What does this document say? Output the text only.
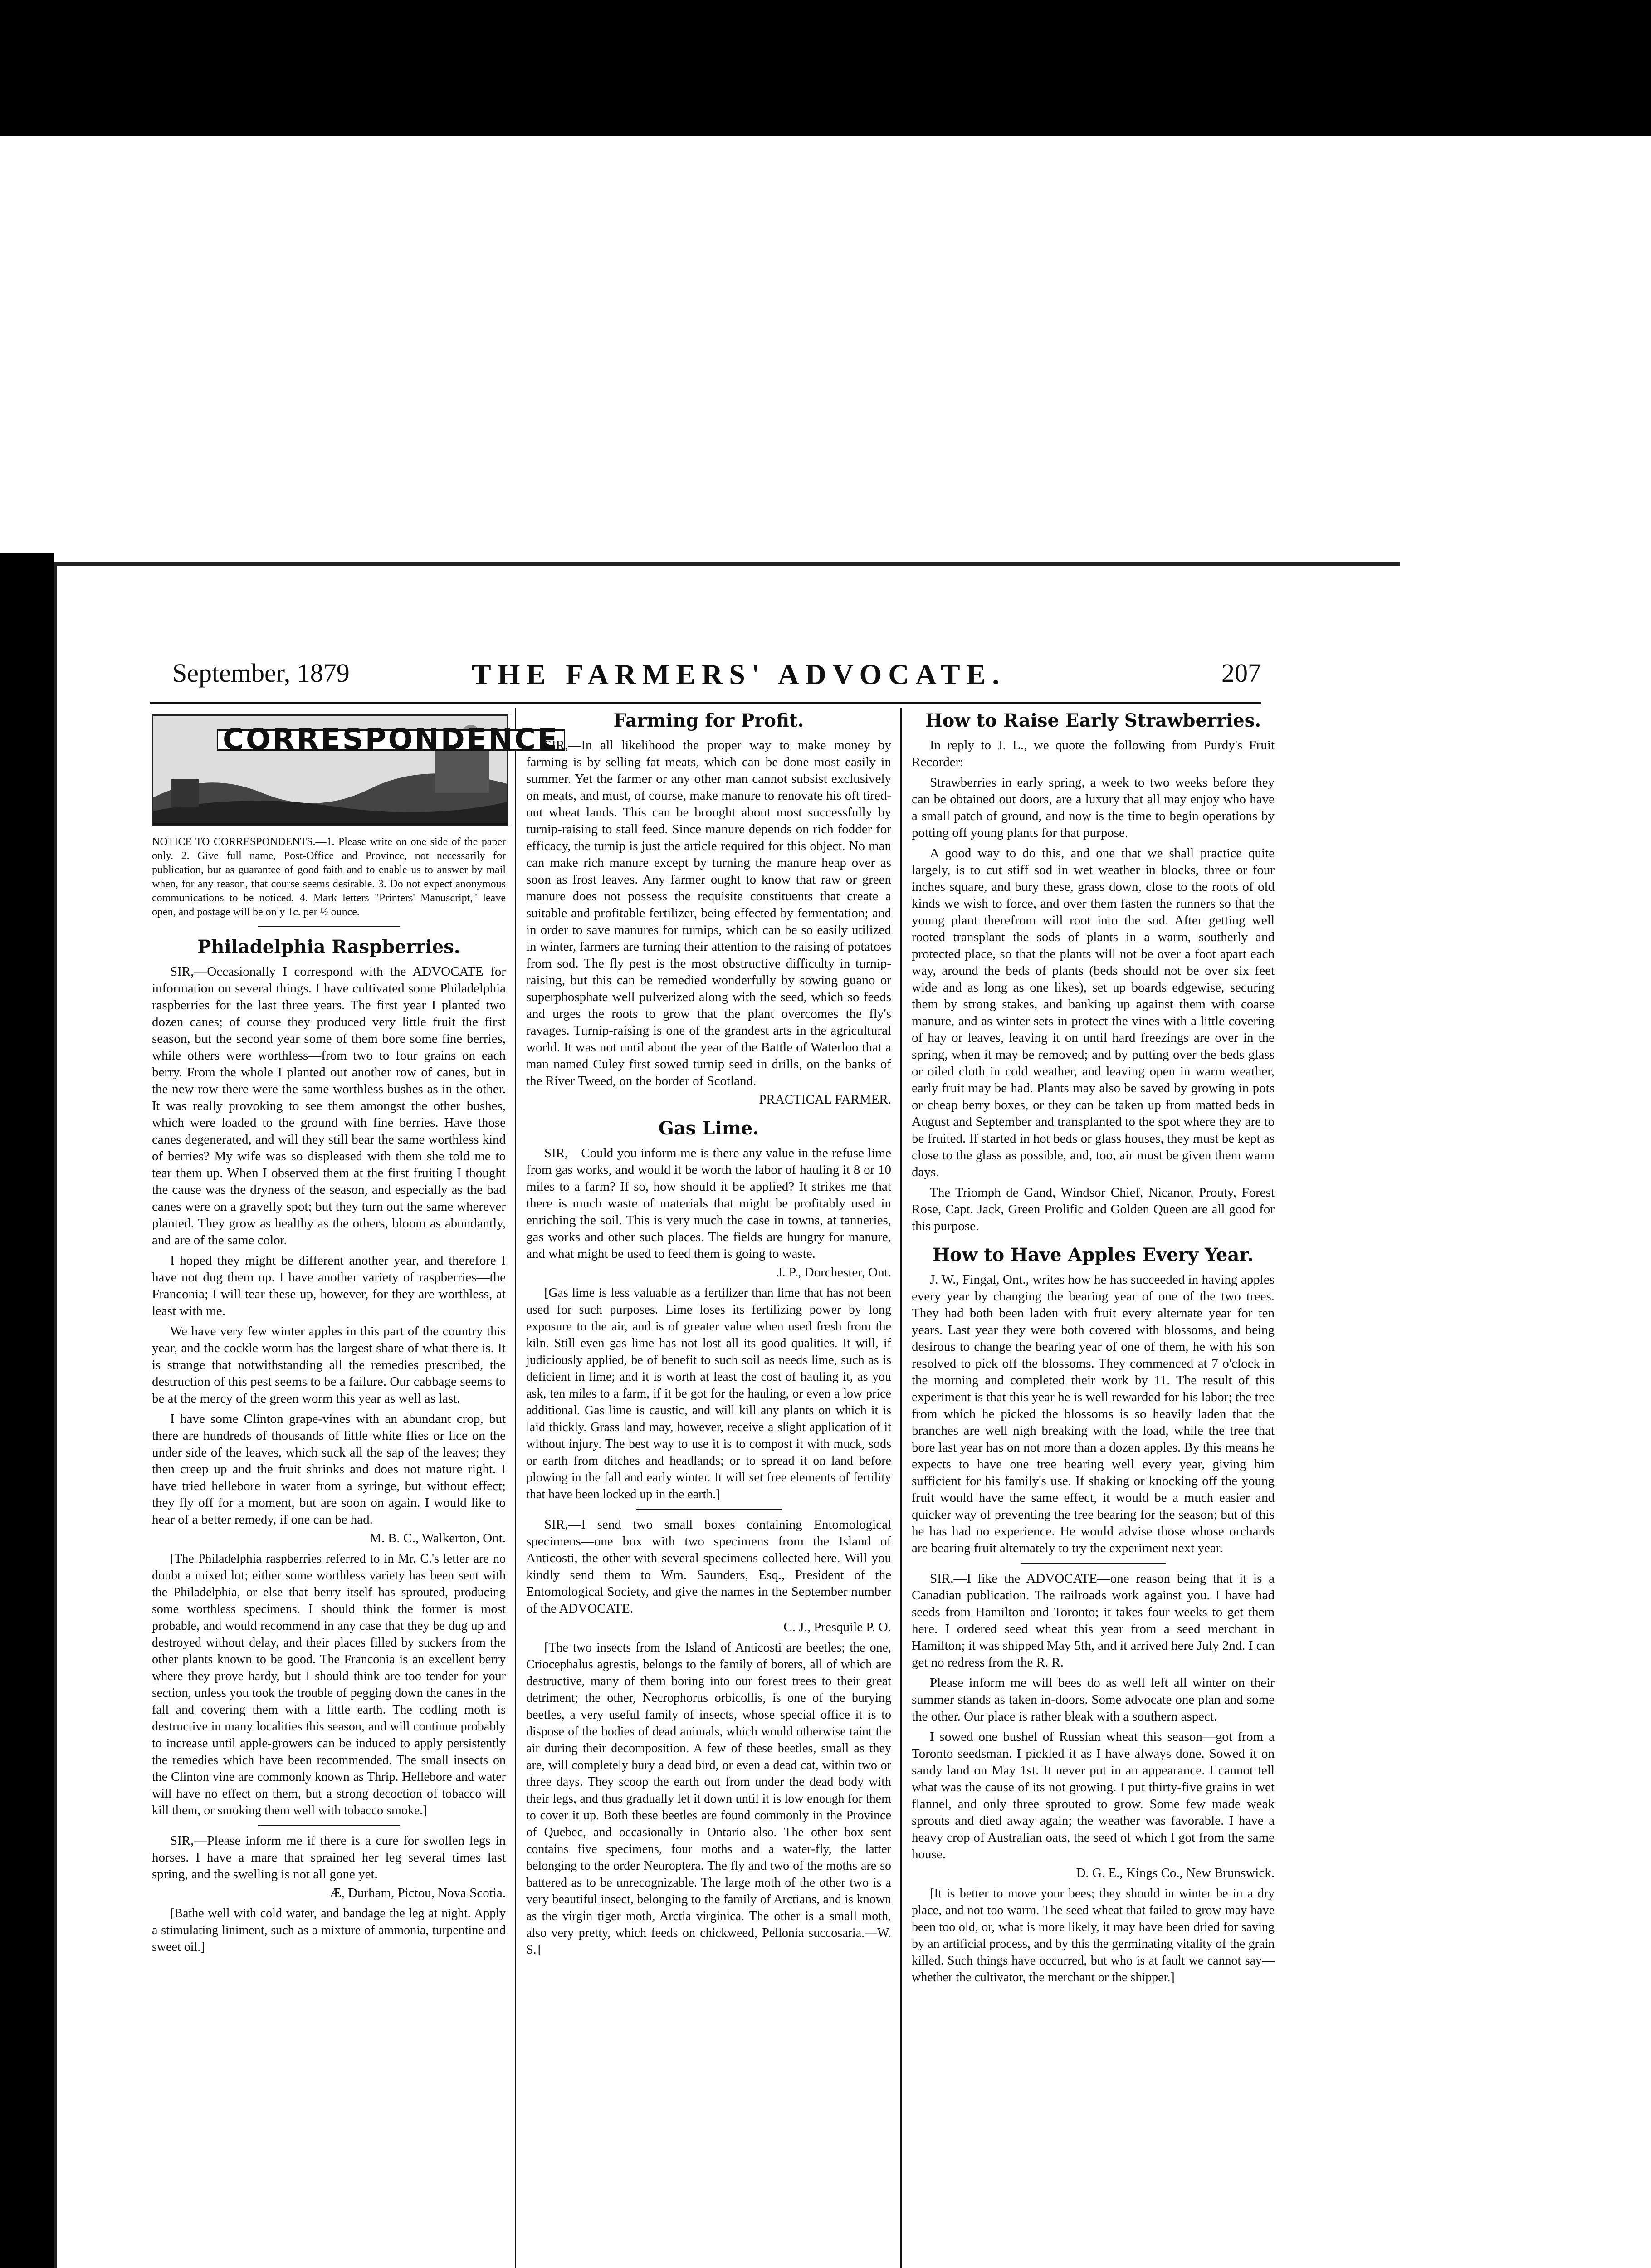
September, 1879	THE FARMERS' ADVOCATE.	207
CORRESPONDENCE

NOTICE TO CORRESPONDENTS.—1. Please write on one side of the paper only. 2. Give full name, Post-Office and Province, not necessarily for publication, but as guarantee of good faith and to enable us to answer by mail when, for any reason, that course seems desirable. 3. Do not expect anonymous communications to be noticed. 4. Mark letters "Printers' Manuscript," leave open, and postage will be only 1c. per ½ ounce.

Philadelphia Raspberries.

SIR,—Occasionally I correspond with the ADVOCATE for information on several things. I have cultivated some Philadelphia raspberries for the last three years. The first year I planted two dozen canes; of course they produced very little fruit the first season, but the second year some of them bore some fine berries, while others were worthless—from two to four grains on each berry. From the whole I planted out another row of canes, but in the new row there were the same worthless bushes as in the other. It was really provoking to see them amongst the other bushes, which were loaded to the ground with fine berries. Have those canes degenerated, and will they still bear the same worthless kind of berries? My wife was so displeased with them she told me to tear them up. When I observed them at the first fruiting I thought the cause was the dryness of the season, and especially as the bad canes were on a gravelly spot; but they turn out the same wherever planted. They grow as healthy as the others, bloom as abundantly, and are of the same color.

I hoped they might be different another year, and therefore I have not dug them up. I have another variety of raspberries—the Franconia; I will tear these up, however, for they are worthless, at least with me.

We have very few winter apples in this part of the country this year, and the cockle worm has the largest share of what there is. It is strange that notwithstanding all the remedies prescribed, the destruction of this pest seems to be a failure. Our cabbage seems to be at the mercy of the green worm this year as well as last.

I have some Clinton grape-vines with an abundant crop, but there are hundreds of thousands of little white flies or lice on the under side of the leaves, which suck all the sap of the leaves; they then creep up and the fruit shrinks and does not mature right. I have tried hellebore in water from a syringe, but without effect; they fly off for a moment, but are soon on again. I would like to hear of a better remedy, if one can be had.

M. B. C., Walkerton, Ont.

[The Philadelphia raspberries referred to in Mr. C.'s letter are no doubt a mixed lot; either some worthless variety has been sent with the Philadelphia, or else that berry itself has sprouted, producing some worthless specimens. I should think the former is most probable, and would recommend in any case that they be dug up and destroyed without delay, and their places filled by suckers from the other plants known to be good. The Franconia is an excellent berry where they prove hardy, but I should think are too tender for your section, unless you took the trouble of pegging down the canes in the fall and covering them with a little earth. The codling moth is destructive in many localities this season, and will continue probably to increase until apple-growers can be induced to apply persistently the remedies which have been recommended. The small insects on the Clinton vine are commonly known as Thrip. Hellebore and water will have no effect on them, but a strong decoction of tobacco will kill them, or smoking them well with tobacco smoke.]

SIR,—Please inform me if there is a cure for swollen legs in horses. I have a mare that sprained her leg several times last spring, and the swelling is not all gone yet.

Æ, Durham, Pictou, Nova Scotia.

[Bathe well with cold water, and bandage the leg at night. Apply a stimulating liniment, such as a mixture of ammonia, turpentine and sweet oil.]

Farming for Profit.

SIR,—In all likelihood the proper way to make money by farming is by selling fat meats, which can be done most easily in summer. Yet the farmer or any other man cannot subsist exclusively on meats, and must, of course, make manure to renovate his oft tired-out wheat lands. This can be brought about most successfully by turnip-raising to stall feed. Since manure depends on rich fodder for efficacy, the turnip is just the article required for this object. No man can make rich manure except by turning the manure heap over as soon as frost leaves. Any farmer ought to know that raw or green manure does not possess the requisite constituents that create a suitable and profitable fertilizer, being effected by fermentation; and in order to save manures for turnips, which can be so easily utilized in winter, farmers are turning their attention to the raising of potatoes from sod. The fly pest is the most obstructive difficulty in turnip-raising, but this can be remedied wonderfully by sowing guano or superphosphate well pulverized along with the seed, which so feeds and urges the roots to grow that the plant overcomes the fly's ravages. Turnip-raising is one of the grandest arts in the agricultural world. It was not until about the year of the Battle of Waterloo that a man named Culey first sowed turnip seed in drills, on the banks of the River Tweed, on the border of Scotland.

PRACTICAL FARMER.

Gas Lime.

SIR,—Could you inform me is there any value in the refuse lime from gas works, and would it be worth the labor of hauling it 8 or 10 miles to a farm? If so, how should it be applied? It strikes me that there is much waste of materials that might be profitably used in enriching the soil. This is very much the case in towns, at tanneries, gas works and other such places. The fields are hungry for manure, and what might be used to feed them is going to waste.

J. P., Dorchester, Ont.

[Gas lime is less valuable as a fertilizer than lime that has not been used for such purposes. Lime loses its fertilizing power by long exposure to the air, and is of greater value when used fresh from the kiln. Still even gas lime has not lost all its good qualities. It will, if judiciously applied, be of benefit to such soil as needs lime, such as is deficient in lime; and it is worth at least the cost of hauling it, as you ask, ten miles to a farm, if it be got for the hauling, or even a low price additional. Gas lime is caustic, and will kill any plants on which it is laid thickly. Grass land may, however, receive a slight application of it without injury. The best way to use it is to compost it with muck, sods or earth from ditches and headlands; or to spread it on land before plowing in the fall and early winter. It will set free elements of fertility that have been locked up in the earth.]

SIR,—I send two small boxes containing Entomological specimens—one box with two specimens from the Island of Anticosti, the other with several specimens collected here. Will you kindly send them to Wm. Saunders, Esq., President of the Entomological Society, and give the names in the September number of the ADVOCATE.

C. J., Presquile P. O.

[The two insects from the Island of Anticosti are beetles; the one, Criocephalus agrestis, belongs to the family of borers, all of which are destructive, many of them boring into our forest trees to their great detriment; the other, Necrophorus orbicollis, is one of the burying beetles, a very useful family of insects, whose special office it is to dispose of the bodies of dead animals, which would otherwise taint the air during their decomposition. A few of these beetles, small as they are, will completely bury a dead bird, or even a dead cat, within two or three days. They scoop the earth out from under the dead body with their legs, and thus gradually let it down until it is low enough for them to cover it up. Both these beetles are found commonly in the Province of Quebec, and occasionally in Ontario also. The other box sent contains five specimens, four moths and a water-fly, the latter belonging to the order Neuroptera. The fly and two of the moths are so battered as to be unrecognizable. The large moth of the other two is a very beautiful insect, belonging to the family of Arctians, and is known as the virgin tiger moth, Arctia virginica. The other is a small moth, also very pretty, which feeds on chickweed, Pellonia succosaria.—W. S.]

How to Raise Early Strawberries.

In reply to J. L., we quote the following from Purdy's Fruit Recorder:

Strawberries in early spring, a week to two weeks before they can be obtained out doors, are a luxury that all may enjoy who have a small patch of ground, and now is the time to begin operations by potting off young plants for that purpose.

A good way to do this, and one that we shall practice quite largely, is to cut stiff sod in wet weather in blocks, three or four inches square, and bury these, grass down, close to the roots of old kinds we wish to force, and over them fasten the runners so that the young plant therefrom will root into the sod. After getting well rooted transplant the sods of plants in a warm, southerly and protected place, so that the plants will not be over a foot apart each way, around the beds of plants (beds should not be over six feet wide and as long as one likes), set up boards edgewise, securing them by strong stakes, and banking up against them with coarse manure, and as winter sets in protect the vines with a little covering of hay or leaves, leaving it on until hard freezings are over in the spring, when it may be removed; and by putting over the beds glass or oiled cloth in cold weather, and leaving open in warm weather, early fruit may be had. Plants may also be saved by growing in pots or cheap berry boxes, or they can be taken up from matted beds in August and September and transplanted to the spot where they are to be fruited. If started in hot beds or glass houses, they must be kept as close to the glass as possible, and, too, air must be given them warm days.

The Triomph de Gand, Windsor Chief, Nicanor, Prouty, Forest Rose, Capt. Jack, Green Prolific and Golden Queen are all good for this purpose.

How to Have Apples Every Year.

J. W., Fingal, Ont., writes how he has succeeded in having apples every year by changing the bearing year of one of the two trees. They had both been laden with fruit every alternate year for ten years. Last year they were both covered with blossoms, and being desirous to change the bearing year of one of them, he with his son resolved to pick off the blossoms. They commenced at 7 o'clock in the morning and completed their work by 11. The result of this experiment is that this year he is well rewarded for his labor; the tree from which he picked the blossoms is so heavily laden that the branches are well nigh breaking with the load, while the tree that bore last year has on not more than a dozen apples. By this means he expects to have one tree bearing well every year, giving him sufficient for his family's use. If shaking or knocking off the young fruit would have the same effect, it would be a much easier and quicker way of preventing the tree bearing for the season; but of this he has had no experience. He would advise those whose orchards are bearing fruit alternately to try the experiment next year.

SIR,—I like the ADVOCATE—one reason being that it is a Canadian publication. The railroads work against you. I have had seeds from Hamilton and Toronto; it takes four weeks to get them here. I ordered seed wheat this year from a seed merchant in Hamilton; it was shipped May 5th, and it arrived here July 2nd. I can get no redress from the R. R.

Please inform me will bees do as well left all winter on their summer stands as taken in-doors. Some advocate one plan and some the other. Our place is rather bleak with a southern aspect.

I sowed one bushel of Russian wheat this season—got from a Toronto seedsman. I pickled it as I have always done. Sowed it on sandy land on May 1st. It never put in an appearance. I cannot tell what was the cause of its not growing. I put thirty-five grains in wet flannel, and only three sprouted to grow. Some few made weak sprouts and died away again; the weather was favorable. I have a heavy crop of Australian oats, the seed of which I got from the same house.

D. G. E., Kings Co., New Brunswick.

[It is better to move your bees; they should in winter be in a dry place, and not too warm. The seed wheat that failed to grow may have been too old, or, what is more likely, it may have been dried for saving by an artificial process, and by this the germinating vitality of the grain killed. Such things have occurred, but who is at fault we cannot say—whether the cultivator, the merchant or the shipper.]
